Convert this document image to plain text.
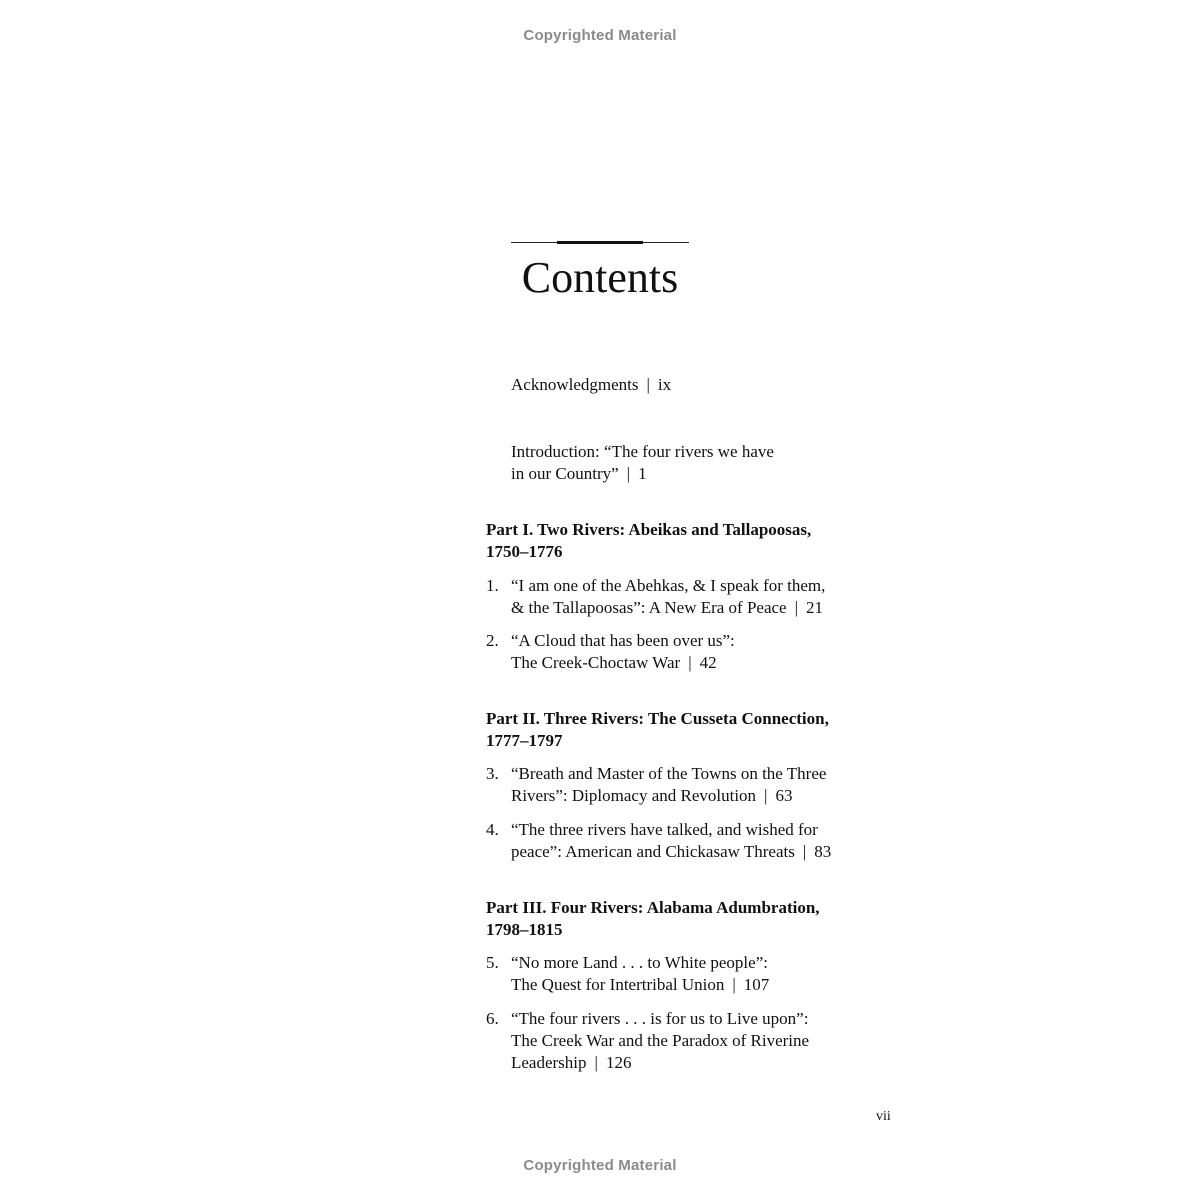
Copyrighted Material
Contents
Acknowledgments | ix
Introduction: “The four rivers we have
in our Country” | 1
Part I. Two Rivers: Abeikas and Tallapoosas,
1750–1776
1. “I am one of the Abehkas, & I speak for them,
& the Tallapoosas”: A New Era of Peace | 21
2. “A Cloud that has been over us”:
The Creek-Choctaw War | 42
Part II. Three Rivers: The Cusseta Connection,
1777–1797
3. “Breath and Master of the Towns on the Three
Rivers”: Diplomacy and Revolution | 63
4. “The three rivers have talked, and wished for
peace”: American and Chickasaw Threats | 83
Part III. Four Rivers: Alabama Adumbration,
1798–1815
5. “No more Land . . . to White people”:
The Quest for Intertribal Union | 107
6. “The four rivers . . . is for us to Live upon”:
The Creek War and the Paradox of Riverine
Leadership | 126
vii
Copyrighted Material
